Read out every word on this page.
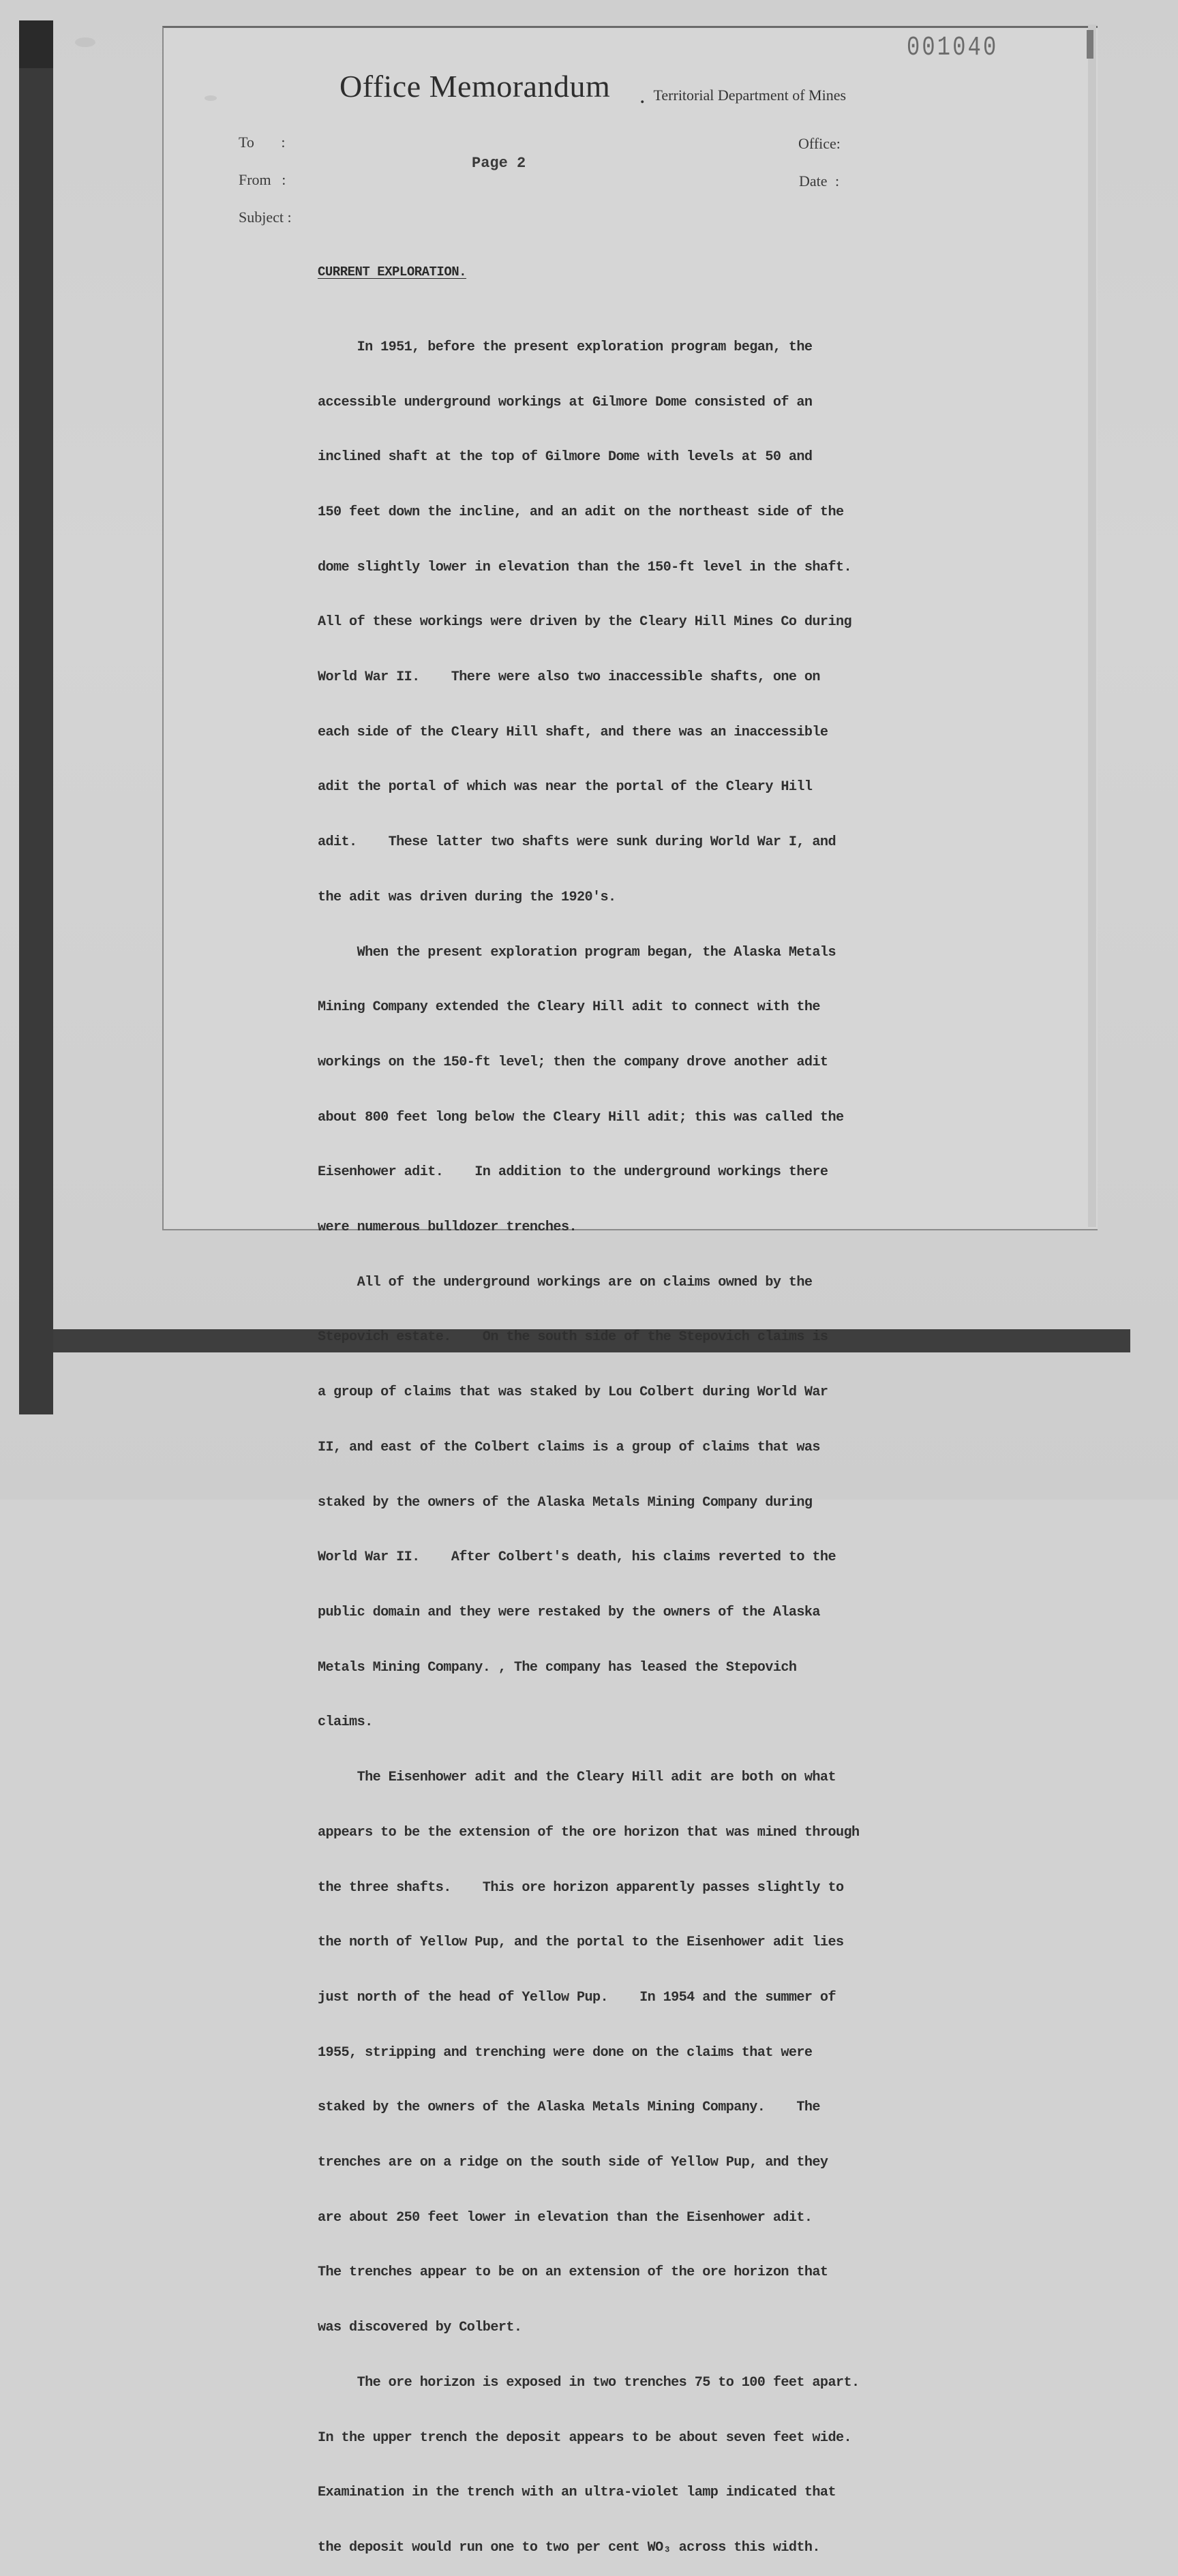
001040
Office Memorandum . Territorial Department of Mines
To :
From :
Subject :
Office:
Date :
Page 2
CURRENT EXPLORATION.

In 1951, before the present exploration program began, the

accessible underground workings at Gilmore Dome consisted of an

inclined shaft at the top of Gilmore Dome with levels at 50 and

150 feet down the incline, and an adit on the northeast side of the

dome slightly lower in elevation than the 150-ft level in the shaft.

All of these workings were driven by the Cleary Hill Mines Co during

World War II.    There were also two inaccessible shafts, one on

each side of the Cleary Hill shaft, and there was an inaccessible

adit the portal of which was near the portal of the Cleary Hill

adit.    These latter two shafts were sunk during World War I, and

the adit was driven during the 1920's.

When the present exploration program began, the Alaska Metals

Mining Company extended the Cleary Hill adit to connect with the

workings on the 150-ft level; then the company drove another adit

about 800 feet long below the Cleary Hill adit; this was called the

Eisenhower adit.    In addition to the underground workings there

were numerous bulldozer trenches.

All of the underground workings are on claims owned by the

Stepovich estate.    On the south side of the Stepovich claims is

a group of claims that was staked by Lou Colbert during World War

II, and east of the Colbert claims is a group of claims that was

staked by the owners of the Alaska Metals Mining Company during

World War II.    After Colbert's death, his claims reverted to the

public domain and they were restaked by the owners of the Alaska

Metals Mining Company. , The company has leased the Stepovich

claims.

The Eisenhower adit and the Cleary Hill adit are both on what

appears to be the extension of the ore horizon that was mined through

the three shafts.    This ore horizon apparently passes slightly to

the north of Yellow Pup, and the portal to the Eisenhower adit lies

just north of the head of Yellow Pup.    In 1954 and the summer of

1955, stripping and trenching were done on the claims that were

staked by the owners of the Alaska Metals Mining Company.    The

trenches are on a ridge on the south side of Yellow Pup, and they

are about 250 feet lower in elevation than the Eisenhower adit.

The trenches appear to be on an extension of the ore horizon that

was discovered by Colbert.

The ore horizon is exposed in two trenches 75 to 100 feet apart.

In the upper trench the deposit appears to be about seven feet wide.

Examination in the trench with an ultra-violet lamp indicated that

the deposit would run one to two per cent WO₃ across this width.
